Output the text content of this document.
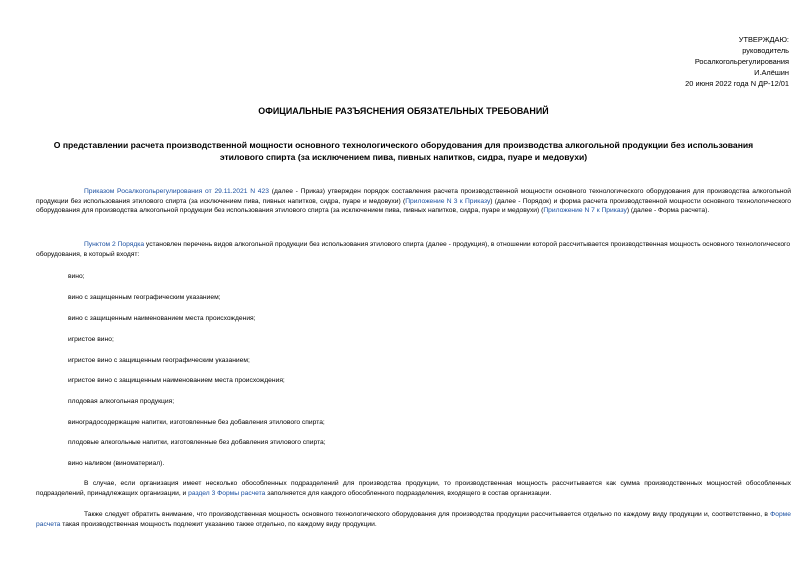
УТВЕРЖДАЮ:
руководитель
Росалкогольрегулирования
И.Алёшин
20 июня 2022 года N ДР-12/01
ОФИЦИАЛЬНЫЕ РАЗЪЯСНЕНИЯ ОБЯЗАТЕЛЬНЫХ ТРЕБОВАНИЙ
О представлении расчета производственной мощности основного технологического оборудования для производства алкогольной продукции без использования этилового спирта (за исключением пива, пивных напитков, сидра, пуаре и медовухи)
Приказом Росалкогольрегулирования от 29.11.2021 N 423 (далее - Приказ) утвержден порядок составления расчета производственной мощности основного технологического оборудования для производства алкогольной продукции без использования этилового спирта (за исключением пива, пивных напитков, сидра, пуаре и медовухи) (Приложение N 3 к Приказу) (далее - Порядок) и форма расчета производственной мощности основного технологического оборудования для производства алкогольной продукции без использования этилового спирта (за исключением пива, пивных напитков, сидра, пуаре и медовухи) (Приложение N 7 к Приказу) (далее - Форма расчета).
Пунктом 2 Порядка установлен перечень видов алкогольной продукции без использования этилового спирта (далее - продукция), в отношении которой рассчитывается производственная мощность основного технологического оборудования, в который входят:
вино;
вино с защищенным географическим указанием;
вино с защищенным наименованием места происхождения;
игристое вино;
игристое вино с защищенным географическим указанием;
игристое вино с защищенным наименованием места происхождения;
плодовая алкогольная продукция;
виноградосодержащие напитки, изготовленные без добавления этилового спирта;
плодовые алкогольные напитки, изготовленные без добавления этилового спирта;
вино наливом (виноматериал).
В случае, если организация имеет несколько обособленных подразделений для производства продукции, то производственная мощность рассчитывается как сумма производственных мощностей обособленных подразделений, принадлежащих организации, и раздел 3 Формы расчета заполняется для каждого обособленного подразделения, входящего в состав организации.
Также следует обратить внимание, что производственная мощность основного технологического оборудования для производства продукции рассчитывается отдельно по каждому виду продукции и, соответственно, в Форме расчета такая производственная мощность подлежит указанию также отдельно, по каждому виду продукции.
